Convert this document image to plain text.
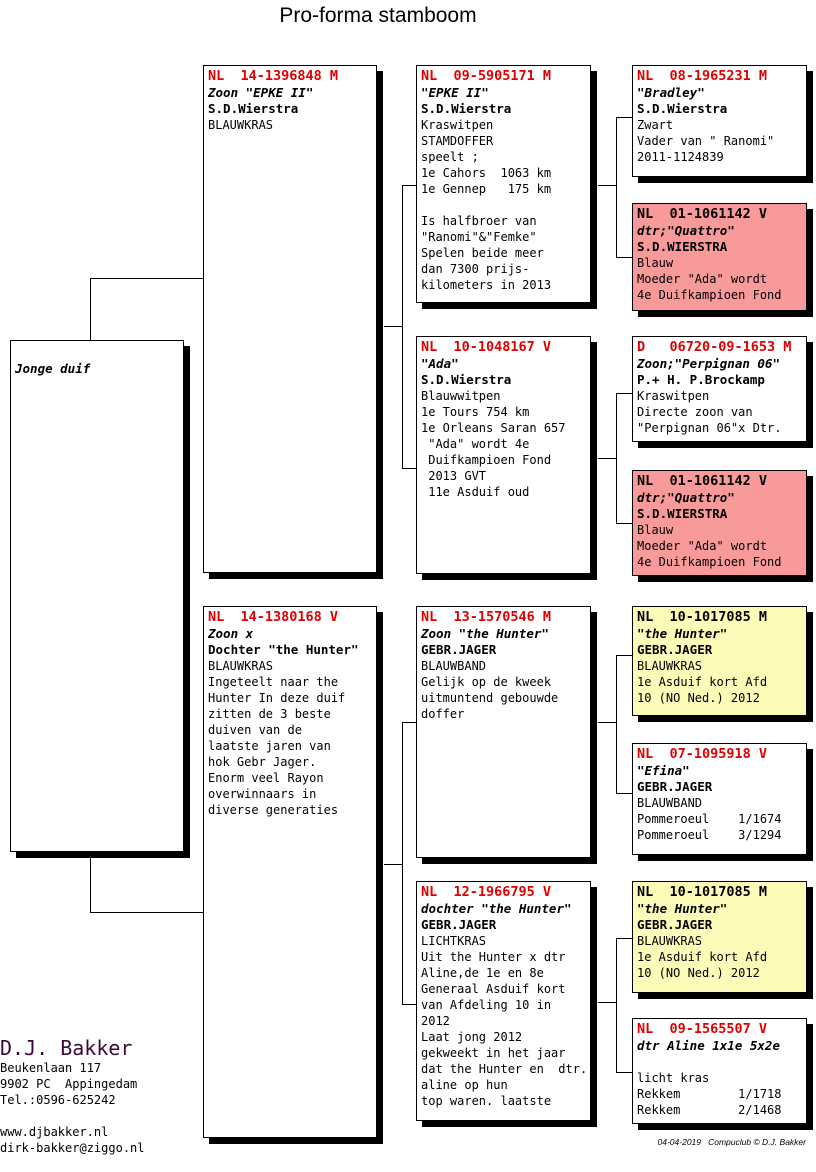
Pro-forma stamboom
Jonge duif
NL  14-1396848 M
Zoon "EPKE II"
S.D.Wierstra
BLAUWKRAS
NL  14-1380168 V
Zoon x
Dochter "the Hunter"
BLAUWKRAS
Ingeteelt naar the
Hunter In deze duif
zitten de 3 beste
duiven van de
laatste jaren van
hok Gebr Jager.
Enorm veel Rayon
overwinnaars in
diverse generaties
NL  09-5905171 M
"EPKE II"
S.D.Wierstra
Kraswitpen
STAMDOFFER
speelt ;
1e Cahors  1063 km
1e Gennep   175 km

Is halfbroer van
"Ranomi"&"Femke"
Spelen beide meer
dan 7300 prijs-
kilometers in 2013
NL  10-1048167 V
"Ada"
S.D.Wierstra
Blauwwitpen
1e Tours 754 km
1e Orleans Saran 657
"Ada" wordt 4e
Duifkampioen Fond
2013 GVT
11e Asduif oud
NL  13-1570546 M
Zoon "the Hunter"
GEBR.JAGER
BLAUWBAND
Gelijk op de kweek
uitmuntend gebouwde
doffer
NL  12-1966795 V
dochter "the Hunter"
GEBR.JAGER
LICHTKRAS
Uit the Hunter x dtr
Aline,de 1e en 8e
Generaal Asduif kort
van Afdeling 10 in
2012
Laat jong 2012
gekweekt in het jaar
dat the Hunter en  dtr.
aline op hun
top waren. laatste
NL  08-1965231 M
"Bradley"
S.D.Wierstra
Zwart
Vader van " Ranomi"
2011-1124839
NL  01-1061142 V
dtr;"Quattro"
S.D.WIERSTRA
Blauw
Moeder "Ada" wordt
4e Duifkampioen Fond
D   06720-09-1653 M
Zoon;"Perpignan 06"
P.+ H. P.Brockamp
Kraswitpen
Directe zoon van
"Perpignan 06"x Dtr.
NL  01-1061142 V
dtr;"Quattro"
S.D.WIERSTRA
Blauw
Moeder "Ada" wordt
4e Duifkampioen Fond
NL  10-1017085 M
"the Hunter"
GEBR.JAGER
BLAUWKRAS
1e Asduif kort Afd
10 (NO Ned.) 2012
NL  07-1095918 V
"Efina"
GEBR.JAGER
BLAUWBAND
Pommeroeul    1/1674
Pommeroeul    3/1294
NL  10-1017085 M
"the Hunter"
GEBR.JAGER
BLAUWKRAS
1e Asduif kort Afd
10 (NO Ned.) 2012
NL  09-1565507 V
dtr Aline 1x1e 5x2e

licht kras
Rekkem        1/1718
Rekkem        2/1468
D.J. Bakker
Beukenlaan 117
9902 PC  Appingedam
Tel.:0596-625242
www.djbakker.nl
dirk-bakker@ziggo.nl	04-04-2019   Compuclub © D.J. Bakker
